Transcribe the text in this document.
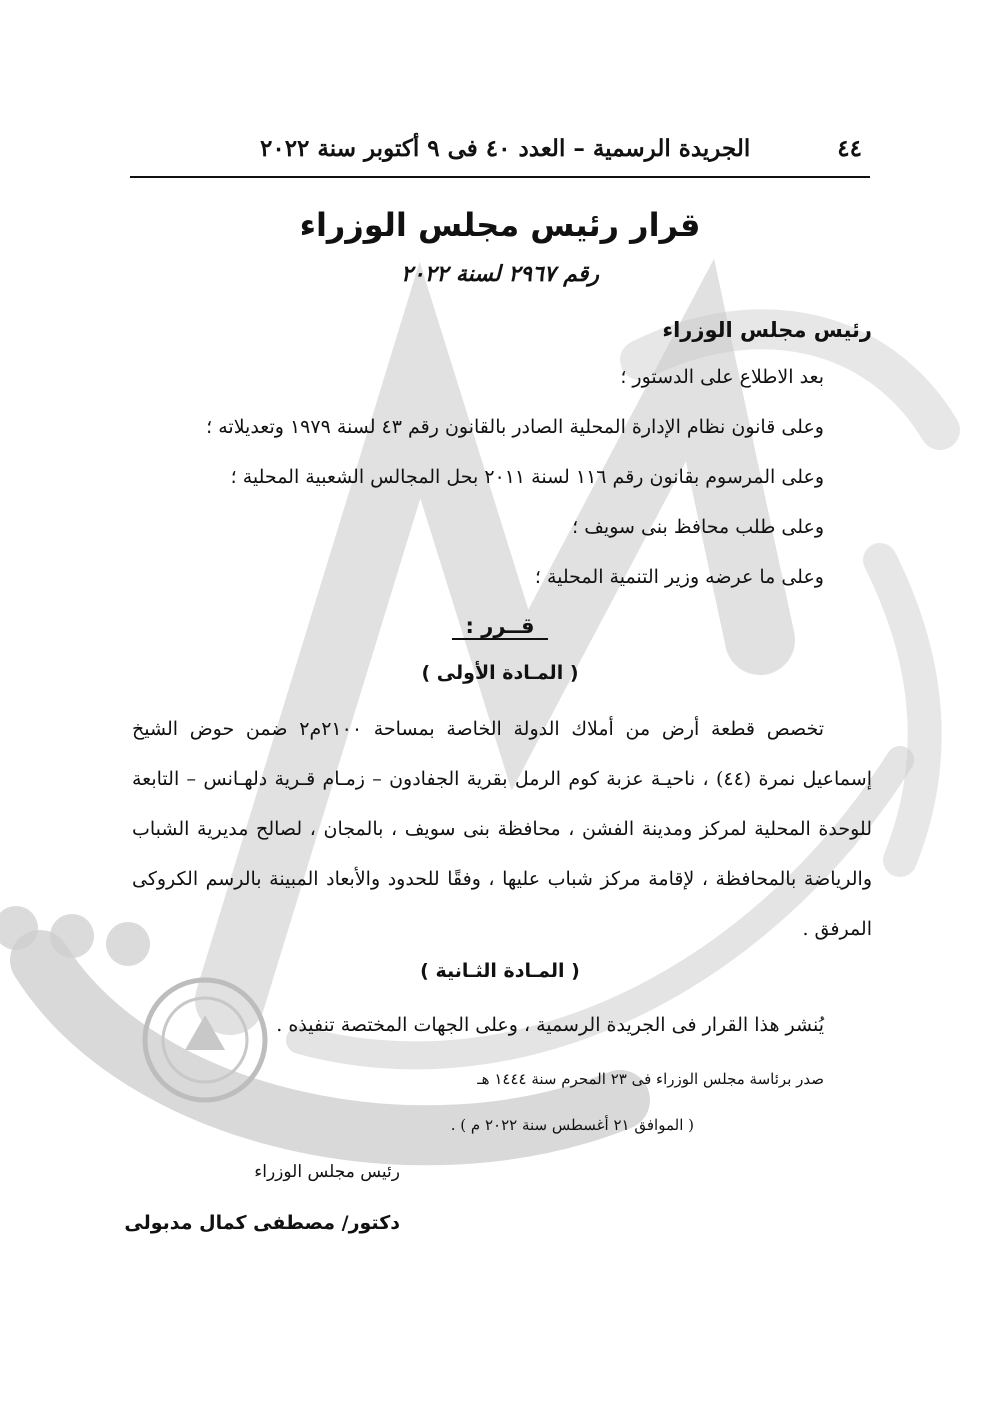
٤٤
الجريدة الرسمية – العدد ٤٠ فى ٩ أكتوبر سنة ٢٠٢٢
قرار رئيس مجلس الوزراء
رقم ٢٩٦٧ لسنة ٢٠٢٢
رئيس مجلس الوزراء
بعد الاطلاع على الدستور ؛
وعلى قانون نظام الإدارة المحلية الصادر بالقانون رقم ٤٣ لسنة ١٩٧٩ وتعديلاته ؛
وعلى المرسوم بقانون رقم ١١٦ لسنة ٢٠١١ بحل المجالس الشعبية المحلية ؛
وعلى طلب محافظ بنى سويف ؛
وعلى ما عرضه وزير التنمية المحلية ؛
قــرر :
( المـادة الأولى )
تخصص قطعة أرض من أملاك الدولة الخاصة بمساحة ٢١٠٠م٢ ضمن حوض الشيخ إسماعيل نمرة (٤٤) ، ناحيـة عزبة كوم الرمل بقرية الجفادون – زمـام قـرية دلهـانس – التابعة للوحدة المحلية لمركز ومدينة الفشن ، محافظة بنى سويف ، بالمجان ، لصالح مديرية الشباب والرياضة بالمحافظة ، لإقامة مركز شباب عليها ، وفقًا للحدود والأبعاد المبينة بالرسم الكروكى المرفق .
( المـادة الثـانية )
يُنشر هذا القرار فى الجريدة الرسمية ، وعلى الجهات المختصة تنفيذه .
صدر برئاسة مجلس الوزراء فى ٢٣ المحرم سنة ١٤٤٤ هـ
( الموافق ٢١ أغسطس سنة ٢٠٢٢ م ) .
رئيس مجلس الوزراء
دكتور/ مصطفى كمال مدبولى
